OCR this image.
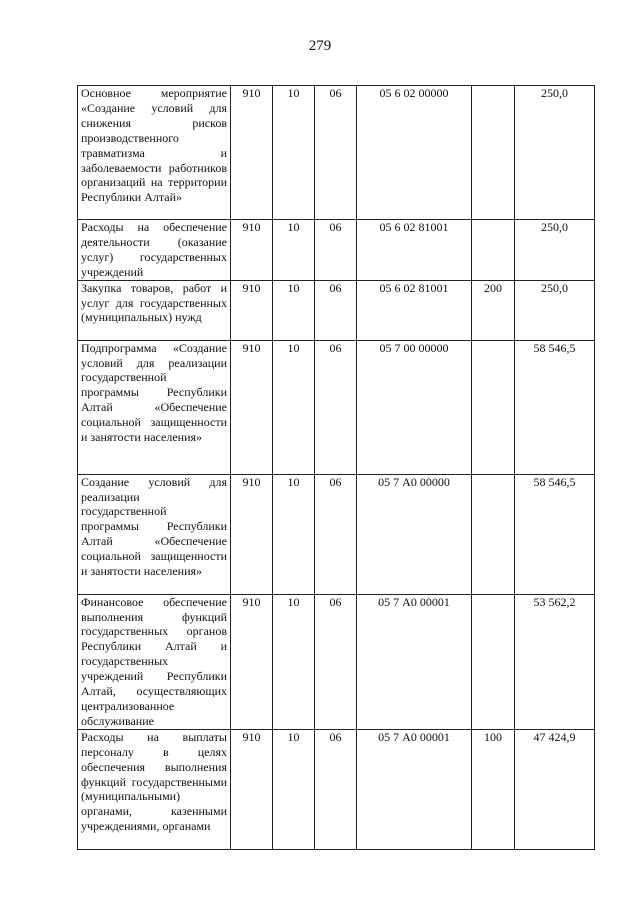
279
Основное мероприятие «Создание условий для снижения рисков производственного травматизма и заболеваемости работников организаций на территории Республики Алтай»	910	10	06	05 6 02 00000		250,0
Расходы на обеспечение деятельности (оказание услуг) государственных учреждений	910	10	06	05 6 02 81001		250,0
Закупка товаров, работ и услуг для государственных (муниципальных) нужд	910	10	06	05 6 02 81001	200	250,0
Подпрограмма «Создание условий для реализации государственной программы Республики Алтай «Обеспечение социальной защищенности и занятости населения»	910	10	06	05 7 00 00000		58 546,5
Создание условий для реализации государственной программы Республики Алтай «Обеспечение социальной защищенности и занятости населения»	910	10	06	05 7 А0 00000		58 546,5
Финансовое обеспечение выполнения функций государственных органов Республики Алтай и государственных учреждений Республики Алтай, осуществляющих централизованное обслуживание	910	10	06	05 7 А0 00001		53 562,2
Расходы на выплаты персоналу в целях обеспечения выполнения функций государственными (муниципальными) органами, казенными учреждениями, органами	910	10	06	05 7 А0 00001	100	47 424,9
